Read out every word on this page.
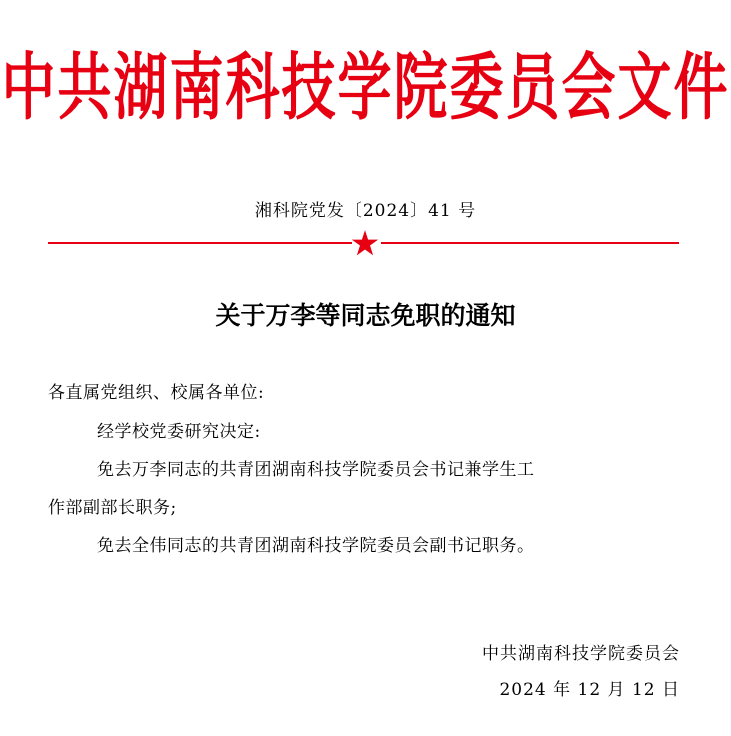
中共湖南科技学院委员会文件
湘科院党发〔2024〕41 号
关于万李等同志免职的通知
各直属党组织、校属各单位:
经学校党委研究决定:
免去万李同志的共青团湖南科技学院委员会书记兼学生工
作部副部长职务;
免去全伟同志的共青团湖南科技学院委员会副书记职务。
中共湖南科技学院委员会
2024 年 12 月 12 日
